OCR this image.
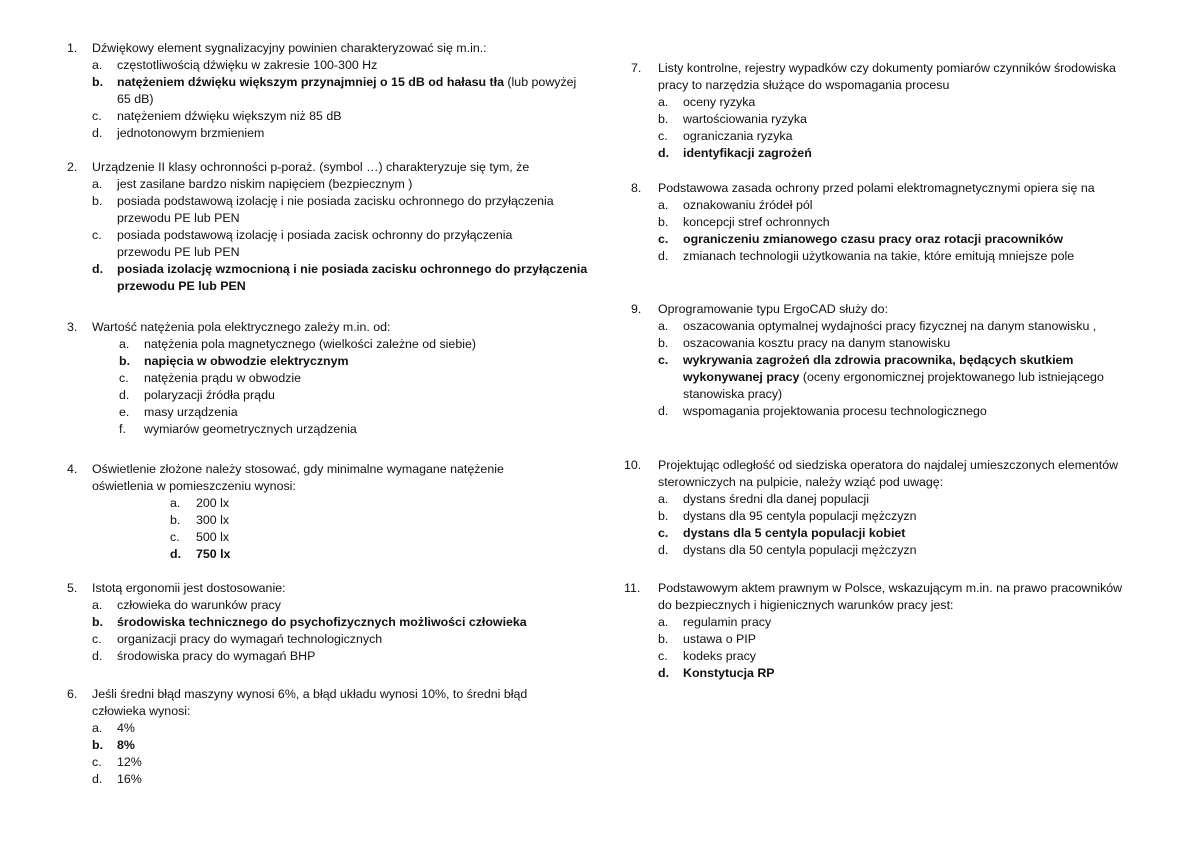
1. Dźwiękowy element sygnalizacyjny powinien charakteryzować się m.in.:
a. częstotliwością dźwięku w zakresie 100-300 Hz
b. natężeniem dźwięku większym przynajmniej o 15 dB od hałasu tła (lub powyżej
65 dB)
c. natężeniem dźwięku większym niż 85 dB
d. jednotonowym brzmieniem
2. Urządzenie II klasy ochronności p-poraż. (symbol …) charakteryzuje się tym, że
a. jest zasilane bardzo niskim napięciem (bezpiecznym )
b. posiada podstawową izolację i nie posiada zacisku ochronnego do przyłączenia
przewodu PE lub PEN
c. posiada podstawową izolację i posiada zacisk ochronny do przyłączenia
przewodu PE lub PEN
d. posiada izolację wzmocnioną i nie posiada zacisku ochronnego do przyłączenia
przewodu PE lub PEN
3. Wartość natężenia pola elektrycznego zależy m.in. od:
a. natężenia pola magnetycznego (wielkości zależne od siebie)
b. napięcia w obwodzie elektrycznym
c. natężenia prądu w obwodzie
d. polaryzacji źródła prądu
e. masy urządzenia
f. wymiarów geometrycznych urządzenia
4. Oświetlenie złożone należy stosować, gdy minimalne wymagane natężenie
oświetlenia w pomieszczeniu wynosi:
a. 200 lx
b. 300 lx
c. 500 lx
d. 750 lx
5. Istotą ergonomii jest dostosowanie:
a. człowieka do warunków pracy
b. środowiska technicznego do psychofizycznych możliwości człowieka
c. organizacji pracy do wymagań technologicznych
d. środowiska pracy do wymagań BHP
6. Jeśli średni błąd maszyny wynosi 6%, a błąd układu wynosi 10%, to średni błąd
człowieka wynosi:
a. 4%
b. 8%
c. 12%
d. 16%
7. Listy kontrolne, rejestry wypadków czy dokumenty pomiarów czynników środowiska
pracy to narzędzia służące do wspomagania procesu
a. oceny ryzyka
b. wartościowania ryzyka
c. ograniczania ryzyka
d. identyfikacji zagrożeń
8. Podstawowa zasada ochrony przed polami elektromagnetycznymi opiera się na
a. oznakowaniu źródeł pól
b. koncepcji stref ochronnych
c. ograniczeniu zmianowego czasu pracy oraz rotacji pracowników
d. zmianach technologii użytkowania na takie, które emitują mniejsze pole
9. Oprogramowanie typu ErgoCAD służy do:
a. oszacowania optymalnej wydajności pracy fizycznej na danym stanowisku ,
b. oszacowania kosztu pracy na danym stanowisku
c. wykrywania zagrożeń dla zdrowia pracownika, będących skutkiem
wykonywanej pracy (oceny ergonomicznej projektowanego lub istniejącego
stanowiska pracy)
d. wspomagania projektowania procesu technologicznego
10. Projektując odległość od siedziska operatora do najdalej umieszczonych elementów
sterowniczych na pulpicie, należy wziąć pod uwagę:
a. dystans średni dla danej populacji
b. dystans dla 95 centyla populacji mężczyzn
c. dystans dla 5 centyla populacji kobiet
d. dystans dla 50 centyla populacji mężczyzn
11. Podstawowym aktem prawnym w Polsce, wskazującym m.in. na prawo pracowników
do bezpiecznych i higienicznych warunków pracy jest:
a. regulamin pracy
b. ustawa o PIP
c. kodeks pracy
d. Konstytucja RP
